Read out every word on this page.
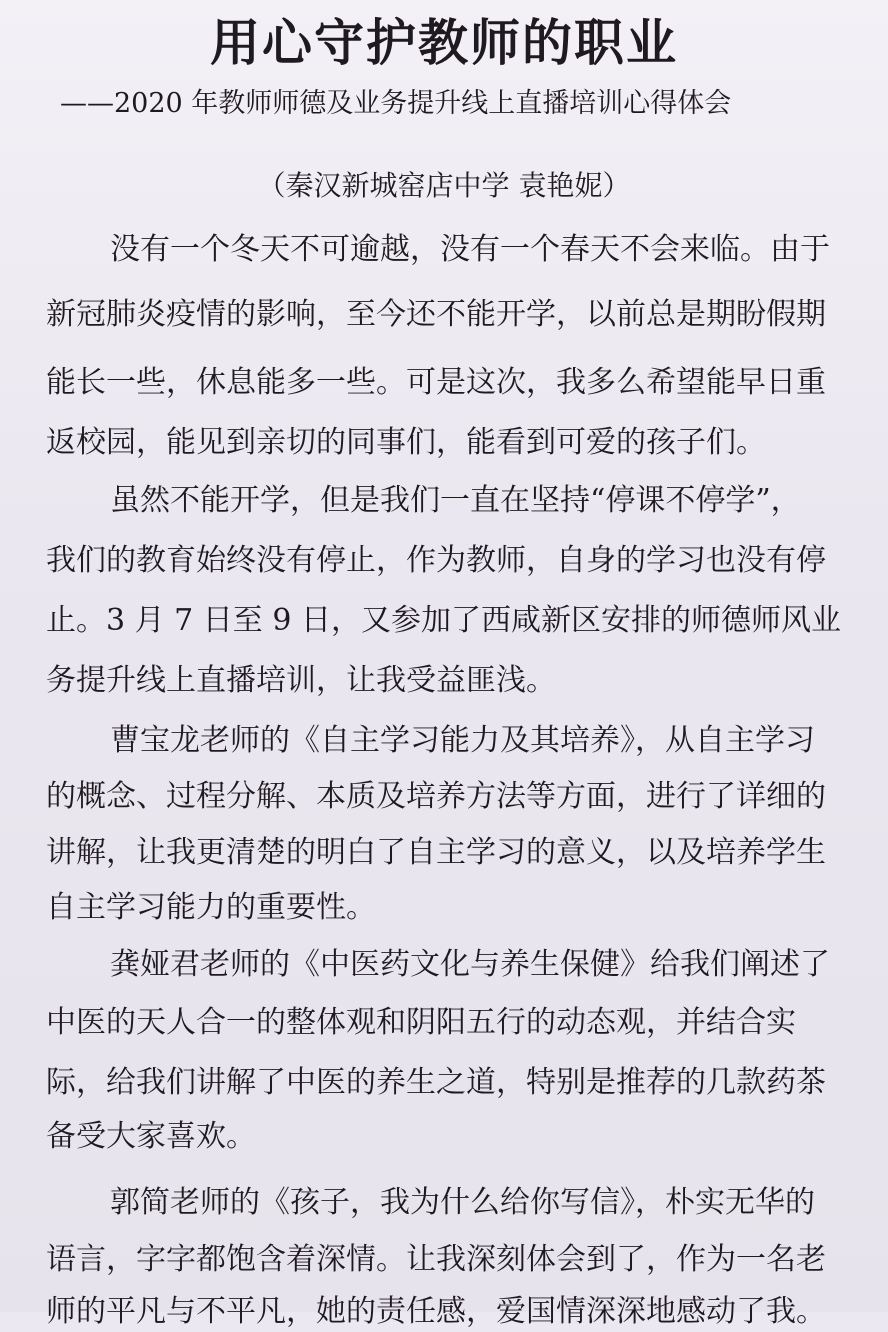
用心守护教师的职业

——2020 年教师师德及业务提升线上直播培训心得体会

（秦汉新城窑店中学 袁艳妮）

没有一个冬天不可逾越，没有一个春天不会来临。由于

新冠肺炎疫情的影响，至今还不能开学，以前总是期盼假期

能长一些，休息能多一些。可是这次，我多么希望能早日重

返校园，能见到亲切的同事们，能看到可爱的孩子们。

虽然不能开学，但是我们一直在坚持“停课不停学”，

我们的教育始终没有停止，作为教师，自身的学习也没有停

止。3 月 7 日至 9 日，又参加了西咸新区安排的师德师风业

务提升线上直播培训，让我受益匪浅。

曹宝龙老师的《自主学习能力及其培养》，从自主学习

的概念、过程分解、本质及培养方法等方面，进行了详细的

讲解，让我更清楚的明白了自主学习的意义，以及培养学生

自主学习能力的重要性。

龚娅君老师的《中医药文化与养生保健》给我们阐述了

中医的天人合一的整体观和阴阳五行的动态观，并结合实

际，给我们讲解了中医的养生之道，特别是推荐的几款药茶

备受大家喜欢。

郭简老师的《孩子，我为什么给你写信》，朴实无华的

语言，字字都饱含着深情。让我深刻体会到了，作为一名老

师的平凡与不平凡，她的责任感，爱国情深深地感动了我。
